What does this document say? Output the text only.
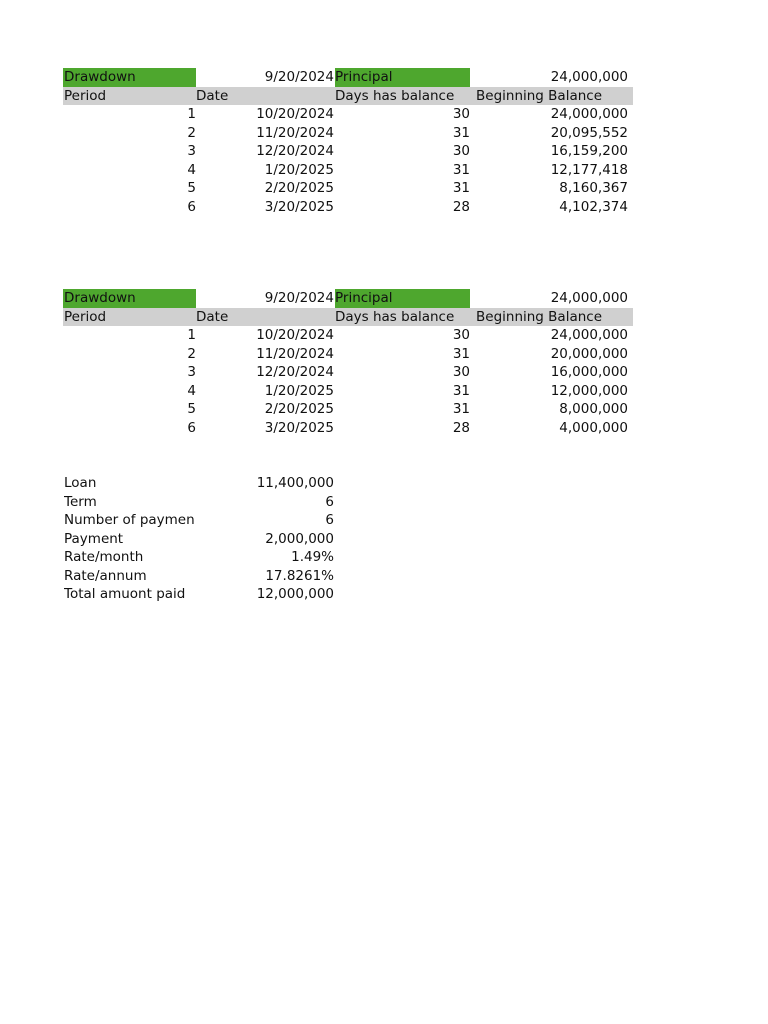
Drawdown	9/20/2024 Principal	24,000,000
Period	Date	Days has balance	Beginning Balance
1	10/20/2024	30	24,000,000
2	11/20/2024	31	20,095,552
3	12/20/2024	30	16,159,200
4	1/20/2025	31	12,177,418
5	2/20/2025	31	8,160,367
6	3/20/2025	28	4,102,374
Drawdown	9/20/2024 Principal	24,000,000
Period	Date	Days has balance	Beginning Balance
1	10/20/2024	30	24,000,000
2	11/20/2024	31	20,000,000
3	12/20/2024	30	16,000,000
4	1/20/2025	31	12,000,000
5	2/20/2025	31	8,000,000
6	3/20/2025	28	4,000,000
Loan	11,400,000
Term	6
Number of paymen	6
Payment	2,000,000
Rate/month	1.49%
Rate/annum	17.8261%
Total amuont paid	12,000,000
